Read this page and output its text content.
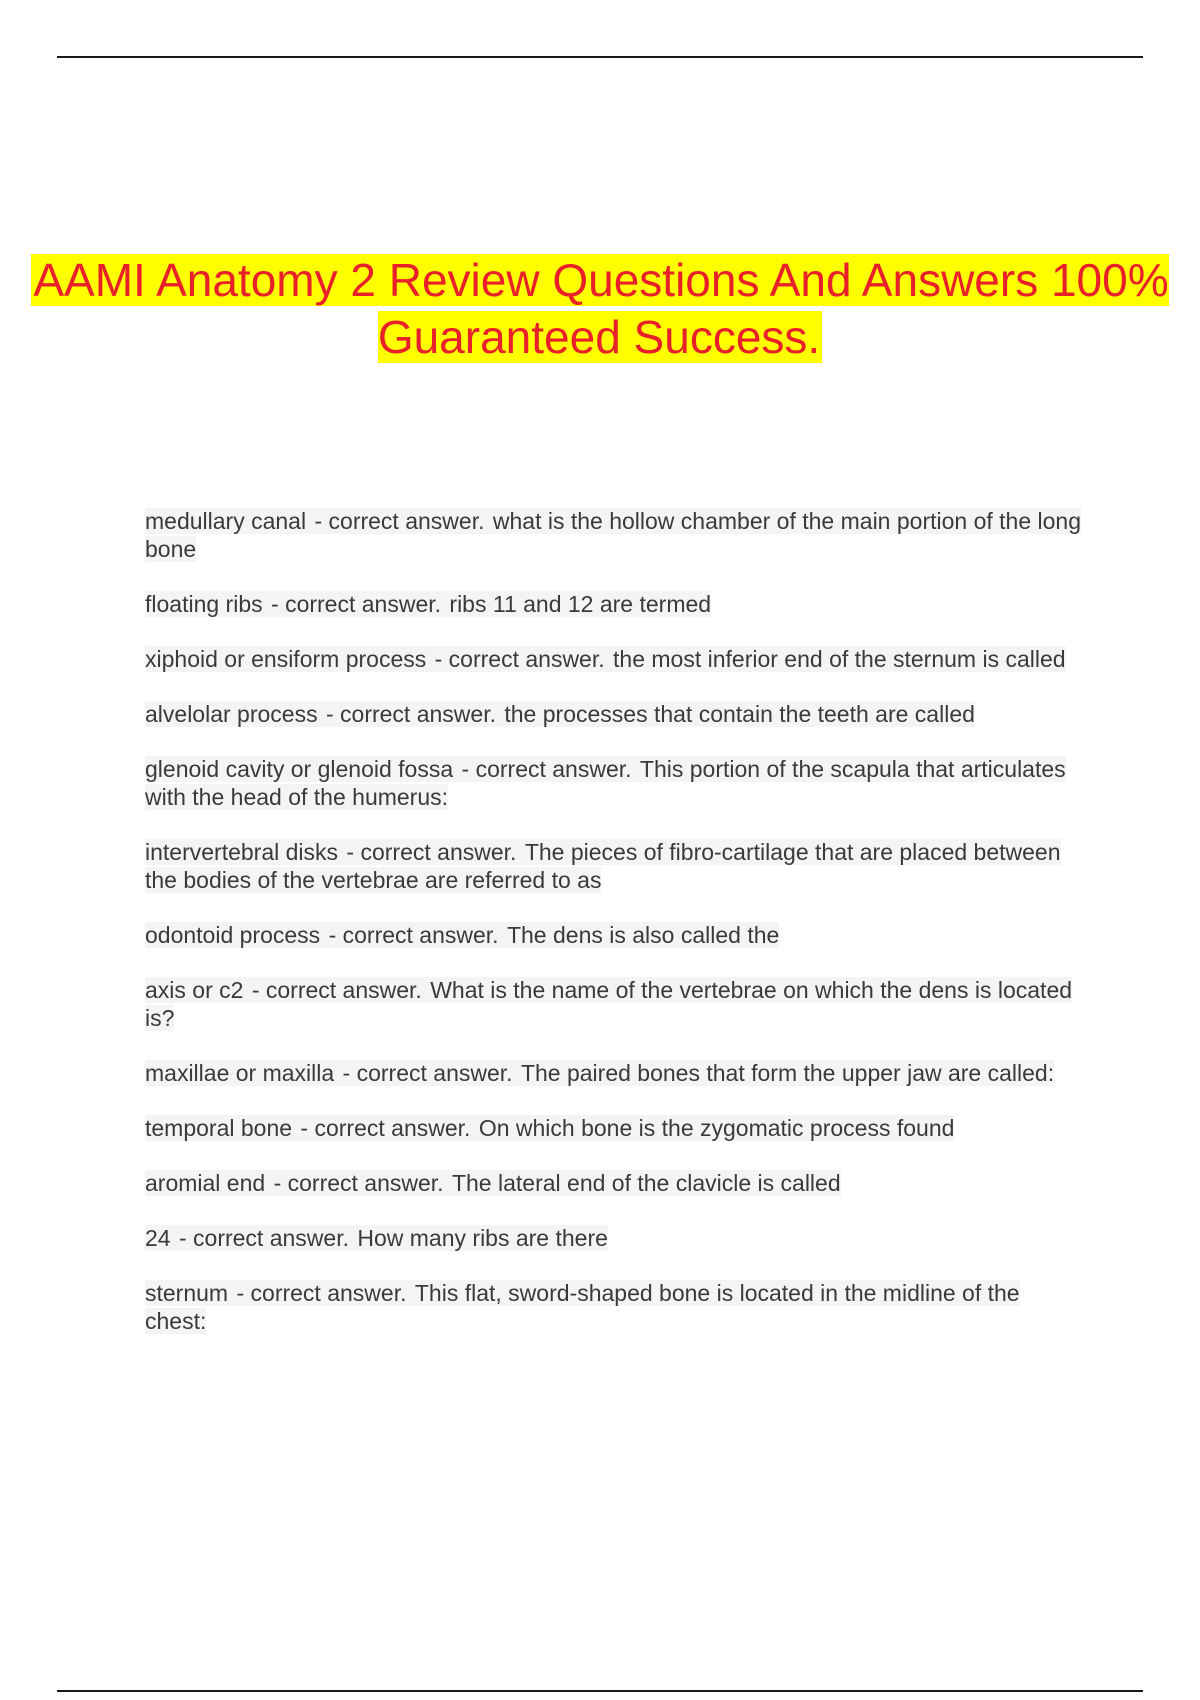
AAMI Anatomy 2 Review Questions And Answers 100% Guaranteed Success.
medullary canal - correct answer. what is the hollow chamber of the main portion of the long bone
floating ribs - correct answer. ribs 11 and 12 are termed
xiphoid or ensiform process - correct answer. the most inferior end of the sternum is called
alvelolar process - correct answer. the processes that contain the teeth are called
glenoid cavity or glenoid fossa - correct answer. This portion of the scapula that articulates with the head of the humerus:
intervertebral disks - correct answer. The pieces of fibro-cartilage that are placed between the bodies of the vertebrae are referred to as
odontoid process - correct answer. The dens is also called the
axis or c2 - correct answer. What is the name of the vertebrae on which the dens is located is?
maxillae or maxilla - correct answer. The paired bones that form the upper jaw are called:
temporal bone - correct answer. On which bone is the zygomatic process found
aromial end - correct answer. The lateral end of the clavicle is called
24 - correct answer. How many ribs are there
sternum - correct answer. This flat, sword-shaped bone is located in the midline of the chest:
